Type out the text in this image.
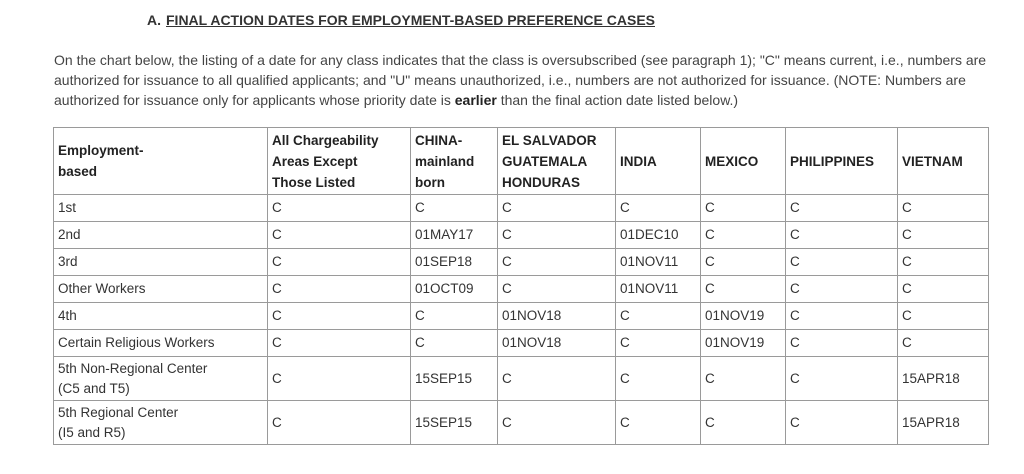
A. FINAL ACTION DATES FOR EMPLOYMENT-BASED PREFERENCE CASES

On the chart below, the listing of a date for any class indicates that the class is oversubscribed (see paragraph 1); "C" means current, i.e., numbers are authorized for issuance to all qualified applicants; and "U" means unauthorized, i.e., numbers are not authorized for issuance. (NOTE: Numbers are authorized for issuance only for applicants whose priority date is earlier than the final action date listed below.)

Employment-
based	All Chargeability
Areas Except
Those Listed	CHINA-
mainland
born	EL SALVADOR
GUATEMALA
HONDURAS	INDIA	MEXICO	PHILIPPINES	VIETNAM

1st	C	C	C	C	C	C	C

2nd	C	01MAY17	C	01DEC10	C	C	C

3rd	C	01SEP18	C	01NOV11	C	C	C

Other Workers	C	01OCT09	C	01NOV11	C	C	C

4th	C	C	01NOV18	C	01NOV19	C	C

Certain Religious Workers	C	C	01NOV18	C	01NOV19	C	C

5th Non-Regional Center
(C5 and T5)	C	15SEP15	C	C	C	C	15APR18

5th Regional Center
(I5 and R5)	C	15SEP15	C	C	C	C	15APR18
